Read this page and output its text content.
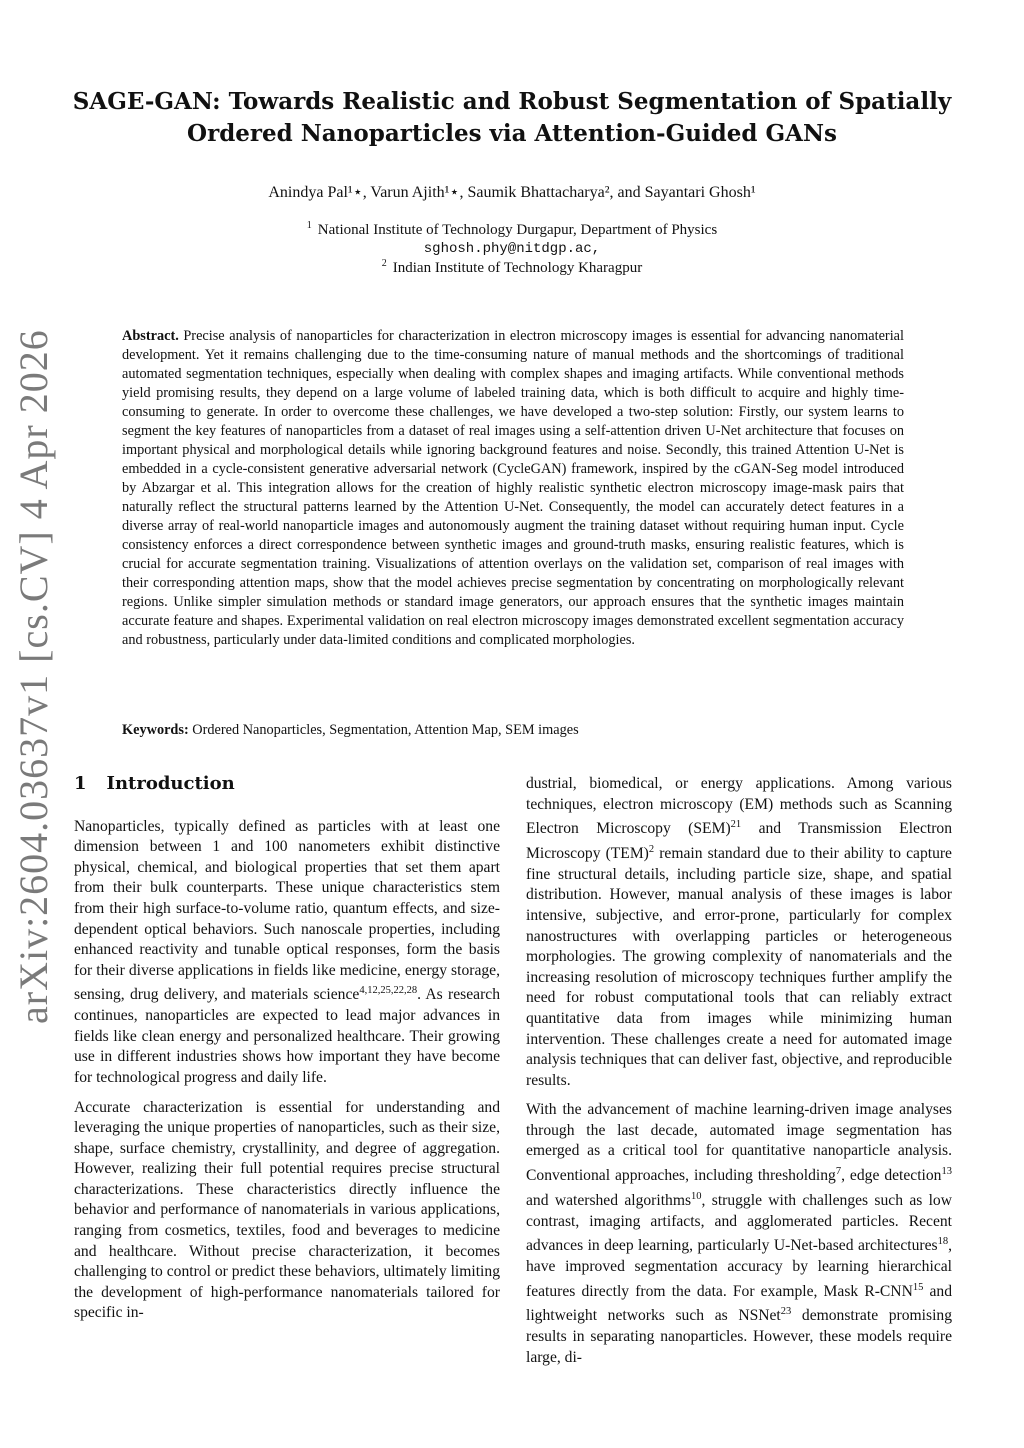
arXiv:2604.03637v1 [cs.CV] 4 Apr 2026
SAGE-GAN: Towards Realistic and Robust Segmentation of Spatially Ordered Nanoparticles via Attention-Guided GANs
Anindya Pal¹⋆, Varun Ajith¹⋆, Saumik Bhattacharya², and Sayantari Ghosh¹
$^1$ National Institute of Technology Durgapur, Department of Physics
sghosh.phy@nitdgp.ac,
$^2$ Indian Institute of Technology Kharagpur
Abstract. Precise analysis of nanoparticles for characterization in electron microscopy images is essential for advancing nanomaterial development. Yet it remains challenging due to the time-consuming nature of manual methods and the shortcomings of traditional automated segmentation techniques, especially when dealing with complex shapes and imaging artifacts. While conventional methods yield promising results, they depend on a large volume of labeled training data, which is both difficult to acquire and highly time-consuming to generate. In order to overcome these challenges, we have developed a two-step solution: Firstly, our system learns to segment the key features of nanoparticles from a dataset of real images using a self-attention driven U-Net architecture that focuses on important physical and morphological details while ignoring background features and noise. Secondly, this trained Attention U-Net is embedded in a cycle-consistent generative adversarial network (CycleGAN) framework, inspired by the cGAN-Seg model introduced by Abzargar et al. This integration allows for the creation of highly realistic synthetic electron microscopy image-mask pairs that naturally reflect the structural patterns learned by the Attention U-Net. Consequently, the model can accurately detect features in a diverse array of real-world nanoparticle images and autonomously augment the training dataset without requiring human input. Cycle consistency enforces a direct correspondence between synthetic images and ground-truth masks, ensuring realistic features, which is crucial for accurate segmentation training. Visualizations of attention overlays on the validation set, comparison of real images with their corresponding attention maps, show that the model achieves precise segmentation by concentrating on morphologically relevant regions. Unlike simpler simulation methods or standard image generators, our approach ensures that the synthetic images maintain accurate feature and shapes. Experimental validation on real electron microscopy images demonstrated excellent segmentation accuracy and robustness, particularly under data-limited conditions and complicated morphologies.
Keywords: Ordered Nanoparticles, Segmentation, Attention Map, SEM images
1 Introduction

Nanoparticles, typically defined as particles with at least one dimension between 1 and 100 nanometers exhibit distinctive physical, chemical, and biological properties that set them apart from their bulk counterparts. These unique characteristics stem from their high surface-to-volume ratio, quantum effects, and size-dependent optical behaviors. Such nanoscale properties, including enhanced reactivity and tunable optical responses, form the basis for their diverse applications in fields like medicine, energy storage, sensing, drug delivery, and materials science$^{4,12,25,22,28}$. As research continues, nanoparticles are expected to lead major advances in fields like clean energy and personalized healthcare. Their growing use in different industries shows how important they have become for technological progress and daily life.

Accurate characterization is essential for understanding and leveraging the unique properties of nanoparticles, such as their size, shape, surface chemistry, crystallinity, and degree of aggregation. However, realizing their full potential requires precise structural characterizations. These characteristics directly influence the behavior and performance of nanomaterials in various applications, ranging from cosmetics, textiles, food and beverages to medicine and healthcare. Without precise characterization, it becomes challenging to control or predict these behaviors, ultimately limiting the development of high-performance nanomaterials tailored for specific in-

dustrial, biomedical, or energy applications. Among various techniques, electron microscopy (EM) methods such as Scanning Electron Microscopy (SEM)$^{21}$ and Transmission Electron Microscopy (TEM)$^2$ remain standard due to their ability to capture fine structural details, including particle size, shape, and spatial distribution. However, manual analysis of these images is labor intensive, subjective, and error-prone, particularly for complex nanostructures with overlapping particles or heterogeneous morphologies. The growing complexity of nanomaterials and the increasing resolution of microscopy techniques further amplify the need for robust computational tools that can reliably extract quantitative data from images while minimizing human intervention. These challenges create a need for automated image analysis techniques that can deliver fast, objective, and reproducible results.

With the advancement of machine learning-driven image analyses through the last decade, automated image segmentation has emerged as a critical tool for quantitative nanoparticle analysis. Conventional approaches, including thresholding$^7$, edge detection$^{13}$ and watershed algorithms$^{10}$, struggle with challenges such as low contrast, imaging artifacts, and agglomerated particles. Recent advances in deep learning, particularly U-Net-based architectures$^{18}$, have improved segmentation accuracy by learning hierarchical features directly from the data. For example, Mask R-CNN$^{15}$ and lightweight networks such as NSNet$^{23}$ demonstrate promising results in separating nanoparticles. However, these models require large, di-
